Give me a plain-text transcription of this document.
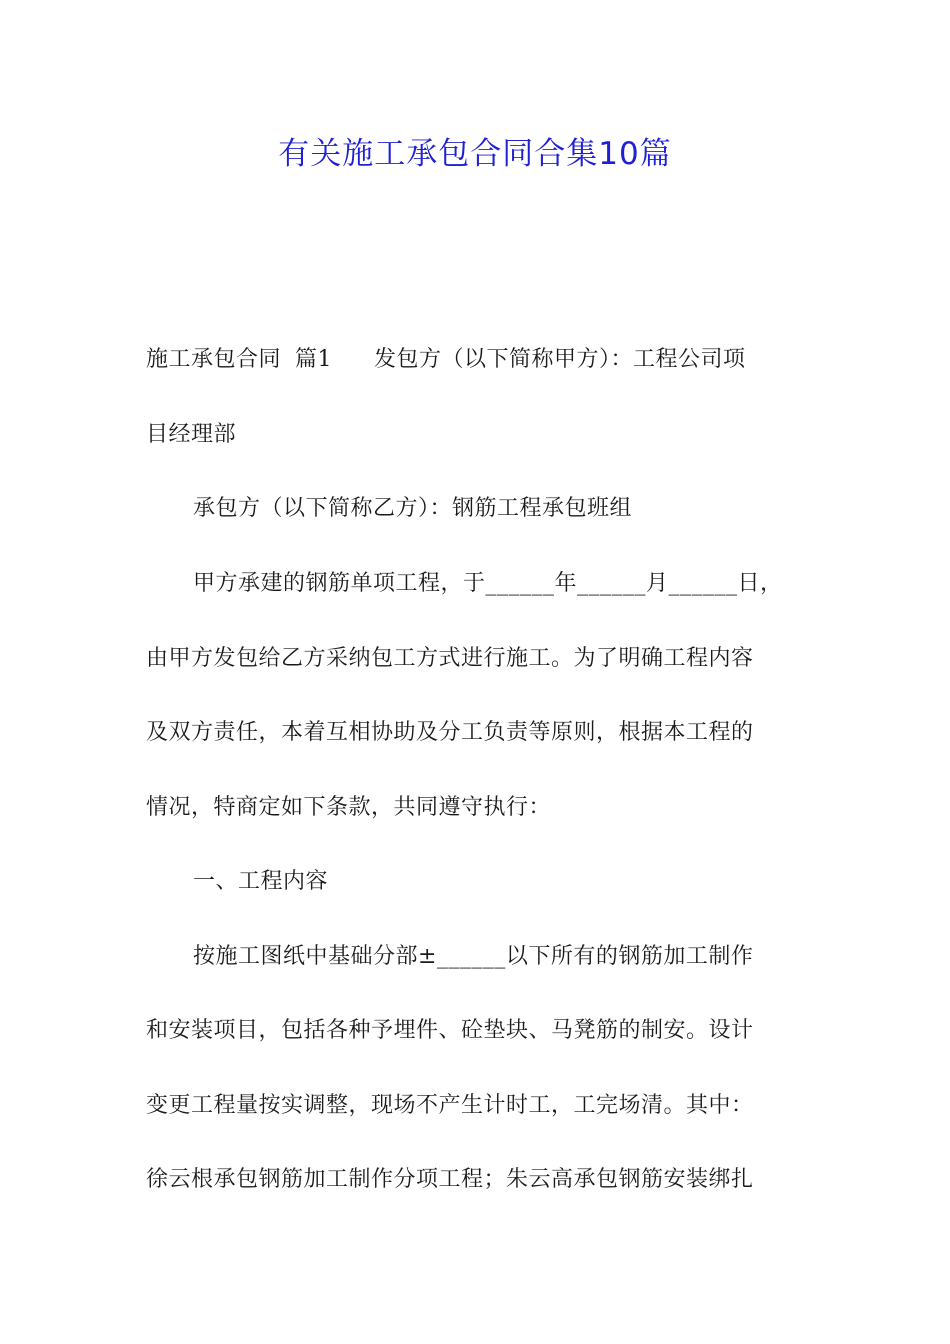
有关施工承包合同合集10篇
施工承包合同 篇1 发包方（以下简称甲方）：工程公司项
目经理部
承包方（以下简称乙方）：钢筋工程承包班组
甲方承建的钢筋单项工程，于______年______月______日，
由甲方发包给乙方采纳包工方式进行施工。为了明确工程内容
及双方责任，本着互相协助及分工负责等原则，根据本工程的
情况，特商定如下条款，共同遵守执行：
一、工程内容
按施工图纸中基础分部±______以下所有的钢筋加工制作
和安装项目，包括各种予埋件、砼垫块、马凳筋的制安。设计
变更工程量按实调整，现场不产生计时工，工完场清。其中：
徐云根承包钢筋加工制作分项工程；朱云高承包钢筋安装绑扎
